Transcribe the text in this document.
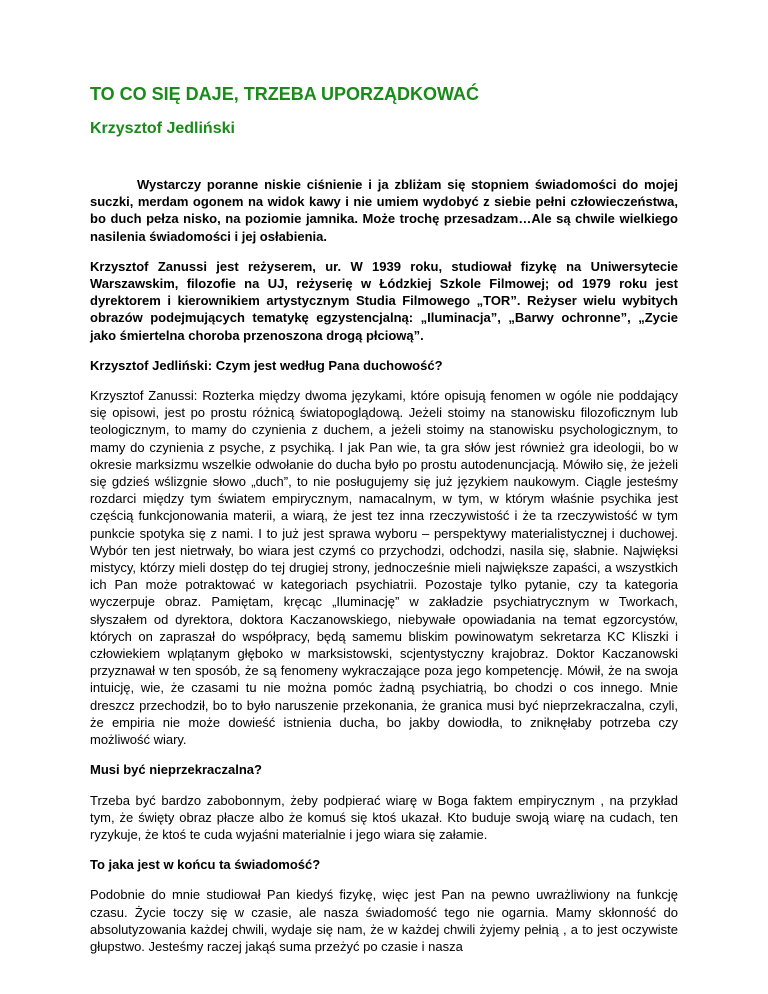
TO CO SIĘ DAJE, TRZEBA UPORZĄDKOWAĆ
Krzysztof Jedliński

Wystarczy poranne niskie ciśnienie i ja zbliżam się stopniem świadomości do mojej suczki, merdam ogonem na widok kawy i nie umiem wydobyć z siebie pełni człowieczeństwa, bo duch pełza nisko, na poziomie jamnika. Może trochę przesadzam…Ale są chwile wielkiego nasilenia świadomości i jej osłabienia.

Krzysztof Zanussi jest reżyserem, ur. W 1939 roku, studiował fizykę na Uniwersytecie Warszawskim, filozofie na UJ, reżyserię w Łódzkiej Szkole Filmowej; od 1979 roku jest dyrektorem i kierownikiem artystycznym Studia Filmowego „TOR”. Reżyser wielu wybitych obrazów podejmujących tematykę egzystencjalną: „Iluminacja”, „Barwy ochronne”, „Zycie jako śmiertelna choroba przenoszona drogą płciową”.

Krzysztof Jedliński: Czym jest według Pana duchowość?

Krzysztof Zanussi: Rozterka między dwoma językami, które opisują fenomen w ogóle nie poddający się opisowi, jest po prostu różnicą światopoglądową. Jeżeli stoimy na stanowisku filozoficznym lub teologicznym, to mamy do czynienia z duchem, a jeżeli stoimy na stanowisku psychologicznym, to mamy do czynienia z psyche, z psychiką. I jak Pan wie, ta gra słów jest również gra ideologii, bo w okresie marksizmu wszelkie odwołanie do ducha było po prostu autodenuncjacją. Mówiło się, że jeżeli się gdzieś wślizgnie słowo „duch”, to nie posługujemy się już językiem naukowym. Ciągle jesteśmy rozdarci między tym światem empirycznym, namacalnym, w tym, w którym właśnie psychika jest częścią funkcjonowania materii, a wiarą, że jest tez inna rzeczywistość i że ta rzeczywistość w tym punkcie spotyka się z nami. I to już jest sprawa wyboru – perspektywy materialistycznej i duchowej. Wybór ten jest nietrwały, bo wiara jest czymś co przychodzi, odchodzi, nasila się, słabnie. Najwięksi mistycy, którzy mieli dostęp do tej drugiej strony, jednocześnie mieli największe zapaści, a wszystkich ich Pan może potraktować w kategoriach psychiatrii. Pozostaje tylko pytanie, czy ta kategoria wyczerpuje obraz. Pamiętam, kręcąc „Iluminację” w zakładzie psychiatrycznym w Tworkach, słyszałem od dyrektora, doktora Kaczanowskiego, niebywałe opowiadania na temat egzorcystów, których on zapraszał do współpracy, będą samemu bliskim powinowatym sekretarza KC Kliszki i człowiekiem wplątanym głęboko w marksistowski, scjentystyczny krajobraz. Doktor Kaczanowski przyznawał w ten sposób, że są fenomeny wykraczające poza jego kompetencję. Mówił, że na swoja intuicję, wie, że czasami tu nie można pomóc żadną psychiatrią, bo chodzi o cos innego. Mnie dreszcz przechodził, bo to było naruszenie przekonania, że granica musi być nieprzekraczalna, czyli, że empiria nie może dowieść istnienia ducha, bo jakby dowiodła, to zniknęłaby potrzeba czy możliwość wiary.

Musi być nieprzekraczalna?

Trzeba być bardzo zabobonnym, żeby podpierać wiarę w Boga faktem empirycznym , na przykład tym, że święty obraz płacze albo że komuś się ktoś ukazał. Kto buduje swoją wiarę na cudach, ten ryzykuje, że ktoś te cuda wyjaśni materialnie i jego wiara się załamie.

To jaka jest w końcu ta świadomość?

Podobnie do mnie studiował Pan kiedyś fizykę, więc jest Pan na pewno uwrażliwiony na funkcję czasu. Życie toczy się w czasie, ale nasza świadomość tego nie ogarnia. Mamy skłonność do absolutyzowania każdej chwili, wydaje się nam, że w każdej chwili żyjemy pełnią , a to jest oczywiste głupstwo. Jesteśmy raczej jakąś suma przeżyć po czasie i nasza
